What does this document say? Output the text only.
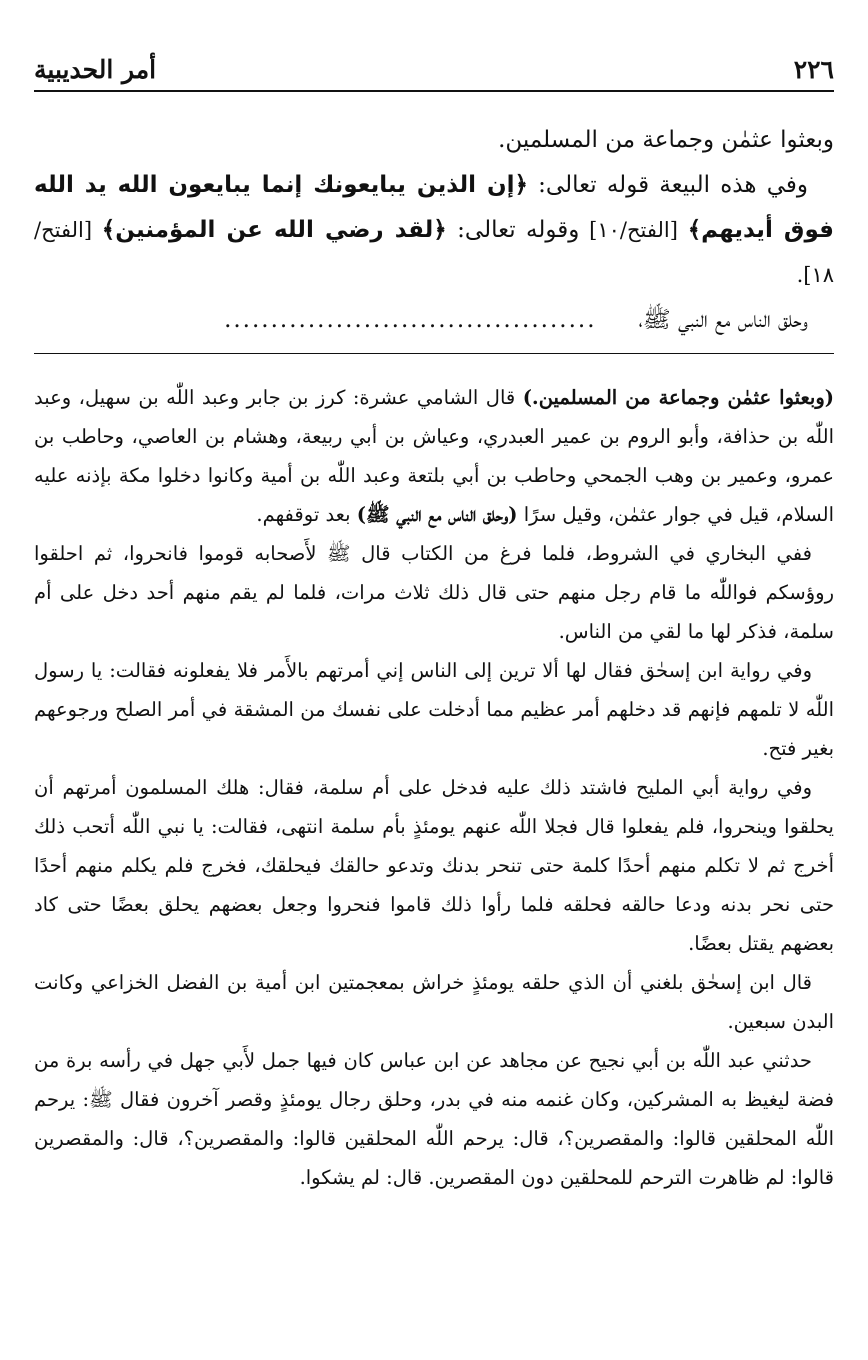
٢٢٦
أمر الحديبية

وبعثوا عثمٰن وجماعة من المسلمين.

وفي هذه البيعة قوله تعالى: ﴿إن الذين يبايعونك إنما يبايعون الله يد الله فوق أيديهم﴾ [الفتح/١٠] وقوله تعالى: ﴿لقد رضي الله عن المؤمنين﴾ [الفتح/ ١٨].

وحلق الناس مع النبي ﷺ،
........................................

(وبعثوا عثمٰن وجماعة من المسلمين.) قال الشامي عشرة: كرز بن جابر وعبد اللّٰه بن سهيل، وعبد اللّٰه بن حذافة، وأبو الروم بن عمير العبدري، وعياش بن أبي ربيعة، وهشام بن العاصي، وحاطب بن عمرو، وعمير بن وهب الجمحي وحاطب بن أبي بلتعة وعبد اللّٰه بن أمية وكانوا دخلوا مكة بإذنه عليه السلام، قيل في جوار عثمٰن، وقيل سرًا (وحلق الناس مع النبي ﷺ) بعد توقفهم.

ففي البخاري في الشروط، فلما فرغ من الكتاب قال ﷺ لأَصحابه قوموا فانحروا، ثم احلقوا روؤسكم فواللّٰه ما قام رجل منهم حتى قال ذلك ثلاث مرات، فلما لم يقم منهم أحد دخل على أم سلمة، فذكر لها ما لقي من الناس.

وفي رواية ابن إسحٰق فقال لها ألا ترين إلى الناس إني أمرتهم بالأَمر فلا يفعلونه فقالت: يا رسول اللّٰه لا تلمهم فإنهم قد دخلهم أمر عظيم مما أدخلت على نفسك من المشقة في أمر الصلح ورجوعهم بغير فتح.

وفي رواية أبي المليح فاشتد ذلك عليه فدخل على أم سلمة، فقال: هلك المسلمون أمرتهم أن يحلقوا وينحروا، فلم يفعلوا قال فجلا اللّٰه عنهم يومئذٍ بأم سلمة انتهى، فقالت: يا نبي اللّٰه أتحب ذلك أخرج ثم لا تكلم منهم أحدًا كلمة حتى تنحر بدنك وتدعو حالقك فيحلقك، فخرج فلم يكلم منهم أحدًا حتى نحر بدنه ودعا حالقه فحلقه فلما رأوا ذلك قاموا فنحروا وجعل بعضهم يحلق بعضًا حتى كاد بعضهم يقتل بعضًا.

قال ابن إسحٰق بلغني أن الذي حلقه يومئذٍ خراش بمعجمتين ابن أمية بن الفضل الخزاعي وكانت البدن سبعين.

حدثني عبد اللّٰه بن أبي نجيح عن مجاهد عن ابن عباس كان فيها جمل لأَبي جهل في رأسه برة من فضة ليغيظ به المشركين، وكان غنمه منه في بدر، وحلق رجال يومئذٍ وقصر آخرون فقال ﷺ: يرحم اللّٰه المحلقين قالوا: والمقصرين؟، قال: يرحم اللّٰه المحلقين قالوا: والمقصرين؟، قال: والمقصرين قالوا: لم ظاهرت الترحم للمحلقين دون المقصرين. قال: لم يشكوا.
